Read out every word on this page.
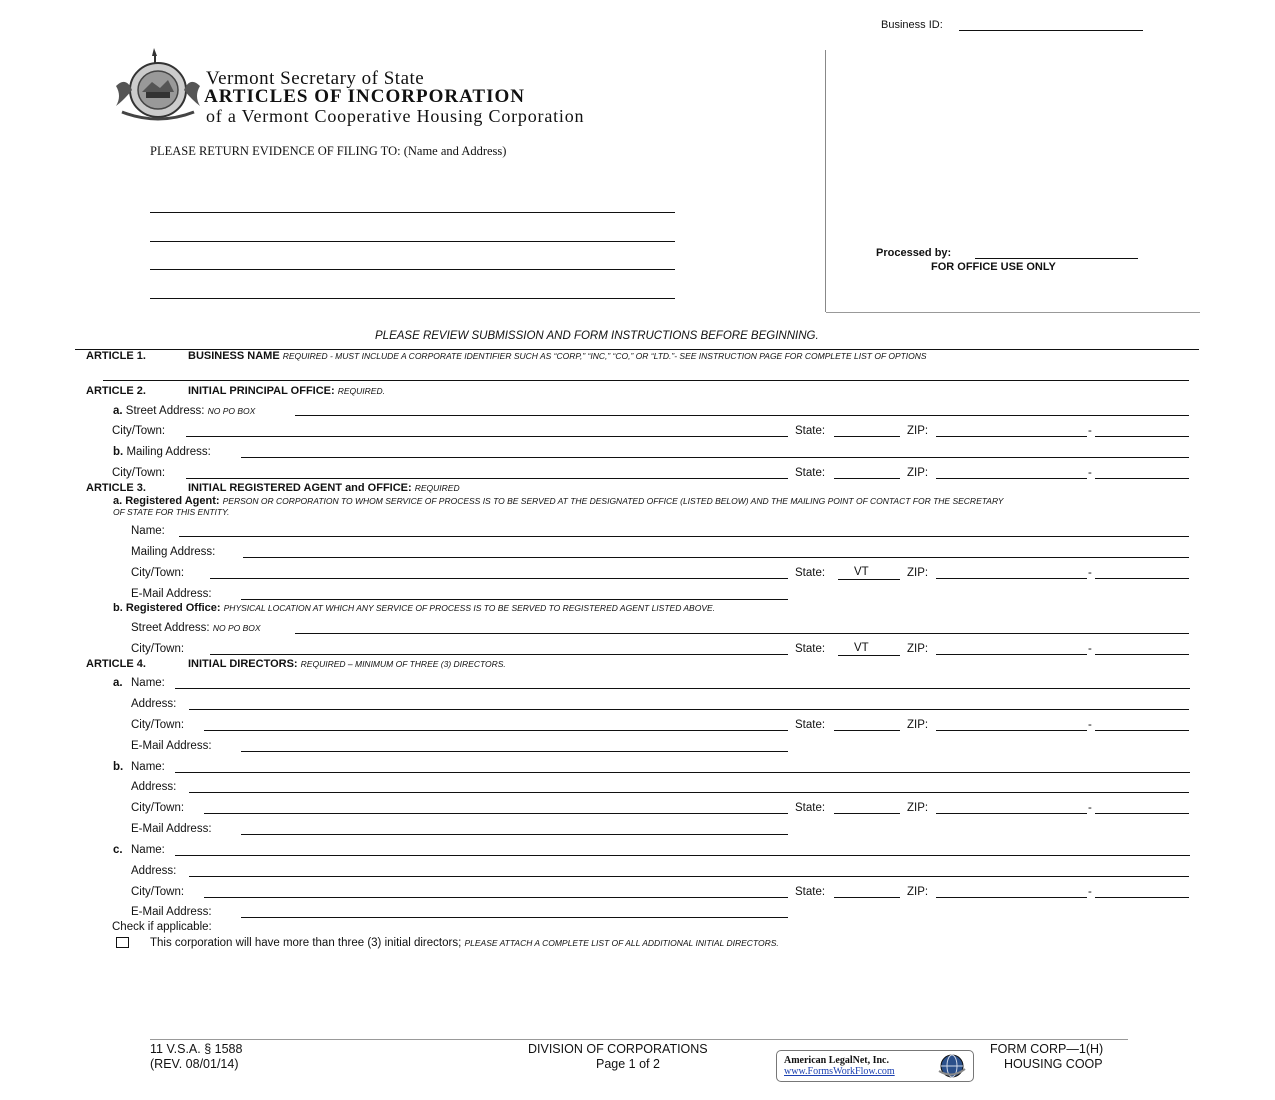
Business ID:
Vermont Secretary of State
ARTICLES OF INCORPORATION
of a Vermont Cooperative Housing Corporation
PLEASE RETURN EVIDENCE OF FILING TO: (Name and Address)
Processed by:
FOR OFFICE USE ONLY
PLEASE REVIEW SUBMISSION AND FORM INSTRUCTIONS BEFORE BEGINNING.
ARTICLE 1.	BUSINESS NAME REQUIRED - MUST INCLUDE A CORPORATE IDENTIFIER SUCH AS “CORP,” “INC,” “CO,” OR “LTD.”- SEE INSTRUCTION PAGE FOR COMPLETE LIST OF OPTIONS
ARTICLE 2.	INITIAL PRINCIPAL OFFICE: REQUIRED.
a. Street Address: NO PO BOX
City/Town:	State:	ZIP:	-
b. Mailing Address:
City/Town:	State:	ZIP:	-
ARTICLE 3.	INITIAL REGISTERED AGENT and OFFICE: REQUIRED
a. Registered Agent: PERSON OR CORPORATION TO WHOM SERVICE OF PROCESS IS TO BE SERVED AT THE DESIGNATED OFFICE (LISTED BELOW) AND THE MAILING POINT OF CONTACT FOR THE SECRETARY
OF STATE FOR THIS ENTITY.
Name:
Mailing Address:
City/Town:	State:	VT	ZIP:	-
E-Mail Address:
b. Registered Office: PHYSICAL LOCATION AT WHICH ANY SERVICE OF PROCESS IS TO BE SERVED TO REGISTERED AGENT LISTED ABOVE.
Street Address: NO PO BOX
City/Town:	State:	VT	ZIP:	-
ARTICLE 4.	INITIAL DIRECTORS: REQUIRED – MINIMUM OF THREE (3) DIRECTORS.
a. Name:
Address:
City/Town:	State:	ZIP:	-
E-Mail Address:
b. Name:
Address:
City/Town:	State:	ZIP:	-
E-Mail Address:
c. Name:
Address:
City/Town:	State:	ZIP:	-
E-Mail Address:
Check if applicable:
This corporation will have more than three (3) initial directors; PLEASE ATTACH A COMPLETE LIST OF ALL ADDITIONAL INITIAL DIRECTORS.
11 V.S.A. § 1588
(REV. 08/01/14)
DIVISION OF CORPORATIONS
Page 1 of 2	American LegalNet, Inc.
www.FormsWorkFlow.com
FORM CORP—1(H)
HOUSING COOP
